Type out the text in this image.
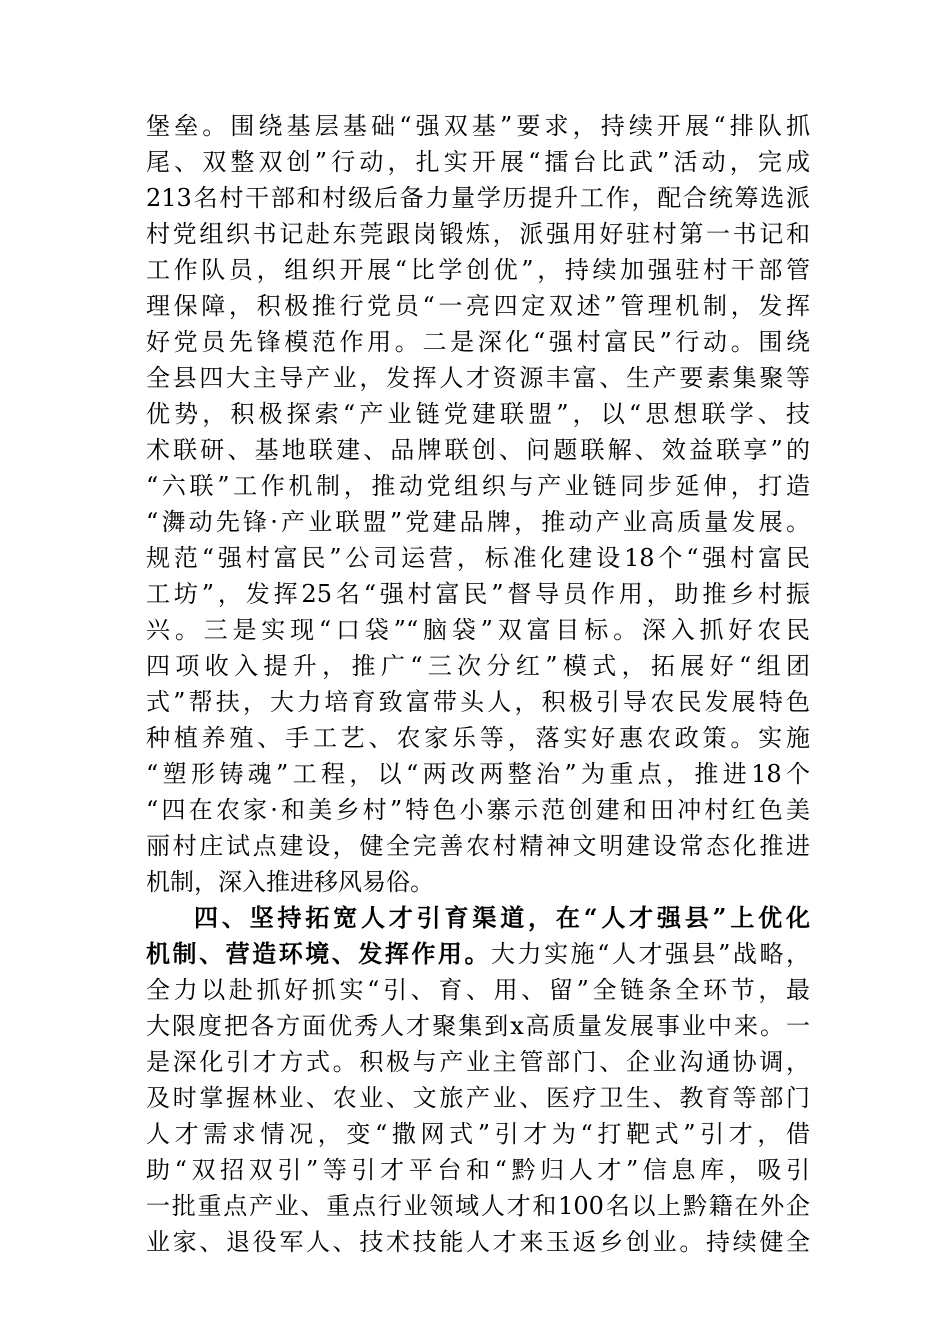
堡垒。围绕基层基础“强双基”要求，持续开展“排队抓
尾、双整双创”行动，扎实开展“擂台比武”活动，完成
213名村干部和村级后备力量学历提升工作，配合统筹选派
村党组织书记赴东莞跟岗锻炼，派强用好驻村第一书记和
工作队员，组织开展“比学创优”，持续加强驻村干部管
理保障，积极推行党员“一亮四定双述”管理机制，发挥
好党员先锋模范作用。二是深化“强村富民”行动。围绕
全县四大主导产业，发挥人才资源丰富、生产要素集聚等
优势，积极探索“产业链党建联盟”，以“思想联学、技
术联研、基地联建、品牌联创、问题联解、效益联享”的
“六联”工作机制，推动党组织与产业链同步延伸，打造
“㵲动先锋·产业联盟”党建品牌，推动产业高质量发展。
规范“强村富民”公司运营，标准化建设18个“强村富民
工坊”，发挥25名“强村富民”督导员作用，助推乡村振
兴。三是实现“口袋”“脑袋”双富目标。深入抓好农民
四项收入提升，推广“三次分红”模式，拓展好“组团
式”帮扶，大力培育致富带头人，积极引导农民发展特色
种植养殖、手工艺、农家乐等，落实好惠农政策。实施
“塑形铸魂”工程，以“两改两整治”为重点，推进18个
“四在农家·和美乡村”特色小寨示范创建和田冲村红色美
丽村庄试点建设，健全完善农村精神文明建设常态化推进
机制，深入推进移风易俗。
四、坚持拓宽人才引育渠道，在“人才强县”上优化
机制、营造环境、发挥作用。大力实施“人才强县”战略，
全力以赴抓好抓实“引、育、用、留”全链条全环节，最
大限度把各方面优秀人才聚集到x高质量发展事业中来。一
是深化引才方式。积极与产业主管部门、企业沟通协调，
及时掌握林业、农业、文旅产业、医疗卫生、教育等部门
人才需求情况，变“撒网式”引才为“打靶式”引才，借
助“双招双引”等引才平台和“黔归人才”信息库，吸引
一批重点产业、重点行业领域人才和100名以上黔籍在外企
业家、退役军人、技术技能人才来玉返乡创业。持续健全
